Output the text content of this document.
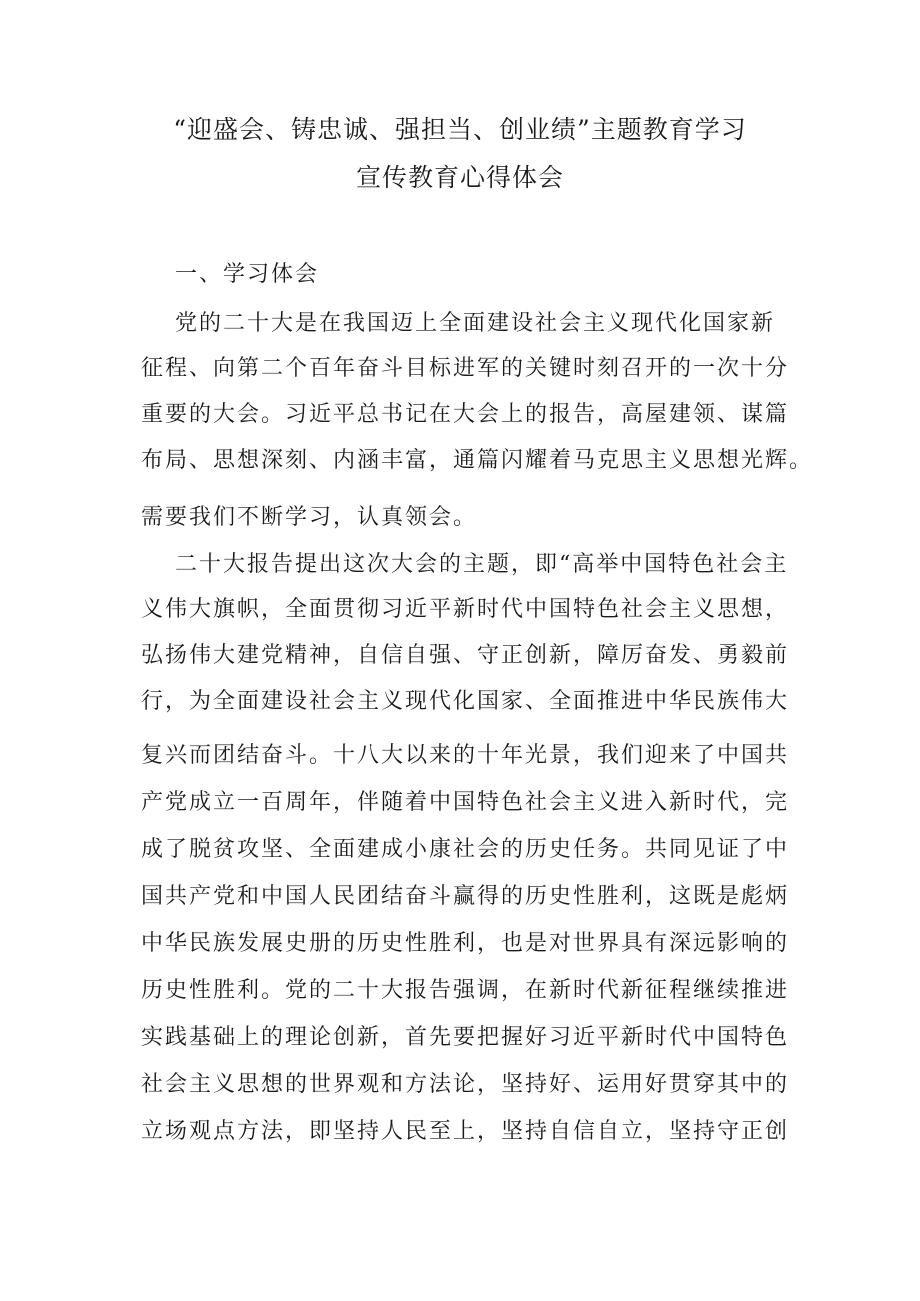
“迎盛会、铸忠诚、强担当、创业绩”主题教育学习
宣传教育心得体会
一、学习体会
党的二十大是在我国迈上全面建设社会主义现代化国家新
征程、向第二个百年奋斗目标进军的关键时刻召开的一次十分
重要的大会。习近平总书记在大会上的报告，高屋建领、谋篇
布局、思想深刻、内涵丰富，通篇闪耀着马克思主义思想光辉。
需要我们不断学习，认真领会。
二十大报告提出这次大会的主题，即“高举中国特色社会主
义伟大旗帜，全面贯彻习近平新时代中国特色社会主义思想，
弘扬伟大建党精神，自信自强、守正创新，障厉奋发、勇毅前
行，为全面建设社会主义现代化国家、全面推进中华民族伟大
复兴而团结奋斗。十八大以来的十年光景，我们迎来了中国共
产党成立一百周年，伴随着中国特色社会主义进入新时代，完
成了脱贫攻坚、全面建成小康社会的历史任务。共同见证了中
国共产党和中国人民团结奋斗赢得的历史性胜利，这既是彪炳
中华民族发展史册的历史性胜利，也是对世界具有深远影响的
历史性胜利。党的二十大报告强调，在新时代新征程继续推进
实践基础上的理论创新，首先要把握好习近平新时代中国特色
社会主义思想的世界观和方法论，坚持好、运用好贯穿其中的
立场观点方法，即坚持人民至上，坚持自信自立，坚持守正创
